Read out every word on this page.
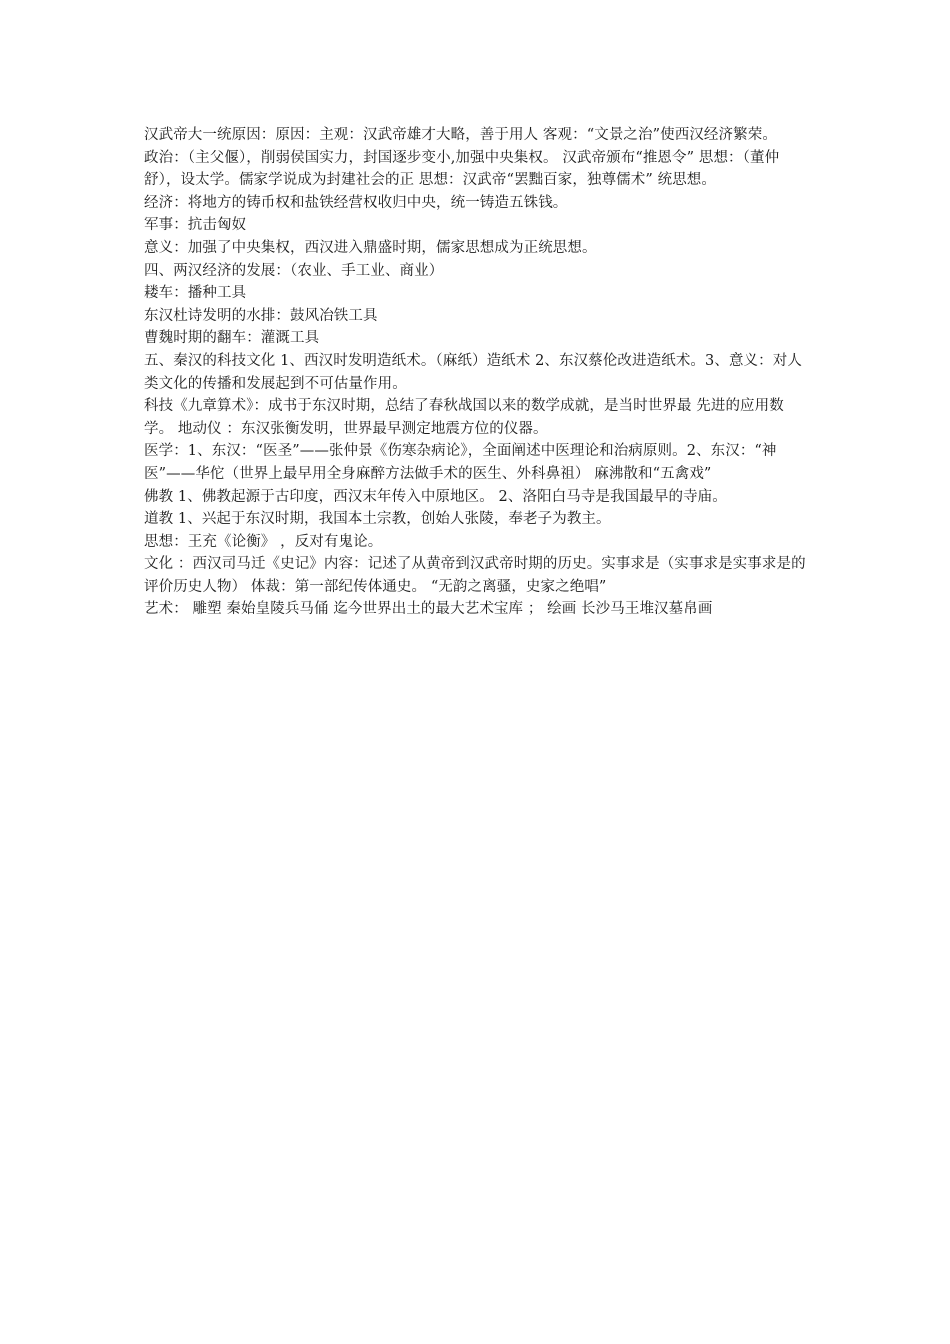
汉武帝大一统原因：原因：主观：汉武帝雄才大略，善于用人 客观：“文景之治”使西汉经济繁荣。

政治：（主父偃），削弱侯国实力，封国逐步变小,加强中央集权。 汉武帝颁布“推恩令” 思想：（董仲舒），设太学。儒家学说成为封建社会的正 思想：汉武帝“罢黜百家，独尊儒术” 统思想。

经济：将地方的铸币权和盐铁经营权收归中央，统一铸造五铢钱。

军事：抗击匈奴

意义：加强了中央集权，西汉进入鼎盛时期，儒家思想成为正统思想。

四、两汉经济的发展：（农业、手工业、商业）

耧车：播种工具

东汉杜诗发明的水排：鼓风冶铁工具

曹魏时期的翻车：灌溉工具

五、秦汉的科技文化 1、西汉时发明造纸术。（麻纸）造纸术 2、东汉蔡伦改进造纸术。3、意义：对人类文化的传播和发展起到不可估量作用。

科技《九章算术》：成书于东汉时期，总结了春秋战国以来的数学成就，是当时世界最 先进的应用数学。 地动仪 ：东汉张衡发明，世界最早测定地震方位的仪器。

医学：1、东汉：“医圣”——张仲景《伤寒杂病论》，全面阐述中医理论和治病原则。2、东汉：“神医”——华佗（世界上最早用全身麻醉方法做手术的医生、外科鼻祖） 麻沸散和“五禽戏”

佛教 1、佛教起源于古印度，西汉末年传入中原地区。 2、洛阳白马寺是我国最早的寺庙。

道教 1、兴起于东汉时期，我国本土宗教，创始人张陵，奉老子为教主。

思想：王充《论衡》 ，反对有鬼论。

文化 ：西汉司马迁《史记》内容：记述了从黄帝到汉武帝时期的历史。实事求是（实事求是实事求是的评价历史人物） 体裁：第一部纪传体通史。 “无韵之离骚，史家之绝唱”

艺术： 雕塑 秦始皇陵兵马俑 迄今世界出土的最大艺术宝库 ； 绘画 长沙马王堆汉墓帛画
